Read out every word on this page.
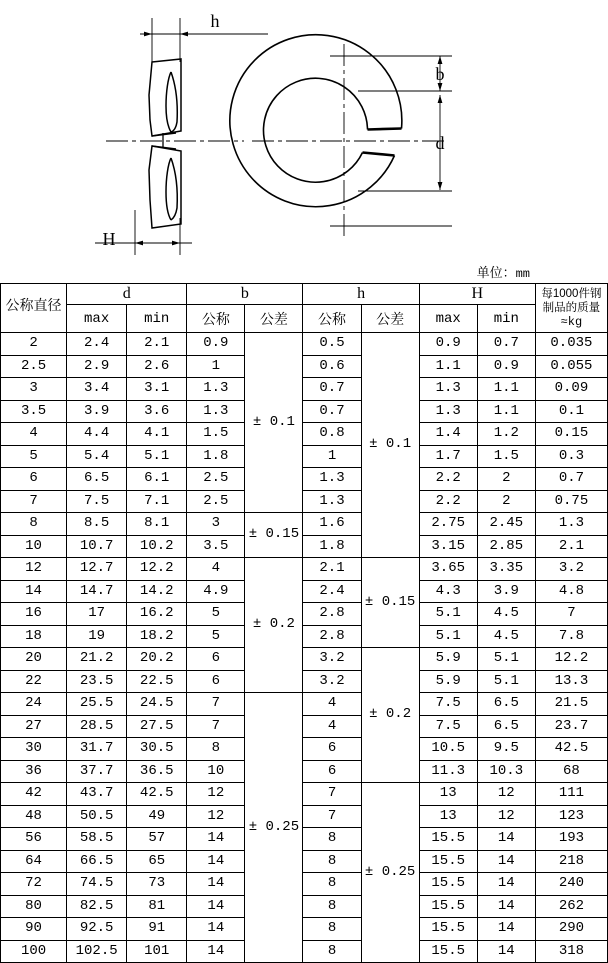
h
H
b
d
单位：mm
公称直径	d		b		h		H		每1000件钢
制品的质量
≈kg

	max	min	公称	公差	公称	公差	max	min	
2	2.4	2.1	0.9	± 0.1	0.5	± 0.1	0.9	0.7	0.035
2.5	2.9	2.6	1		0.6		1.1	0.9	0.055
3	3.4	3.1	1.3		0.7		1.3	1.1	0.09
3.5	3.9	3.6	1.3		0.7		1.3	1.1	0.1
4	4.4	4.1	1.5		0.8		1.4	1.2	0.15
5	5.4	5.1	1.8		1		1.7	1.5	0.3
6	6.5	6.1	2.5		1.3		2.2	2	0.7
7	7.5	7.1	2.5		1.3		2.2	2	0.75
8	8.5	8.1	3	± 0.15	1.6		2.75	2.45	1.3
10	10.7	10.2	3.5		1.8		3.15	2.85	2.1
12	12.7	12.2	4	± 0.2	2.1	± 0.15	3.65	3.35	3.2
14	14.7	14.2	4.9		2.4		4.3	3.9	4.8
16	17	16.2	5		2.8		5.1	4.5	7
18	19	18.2	5		2.8		5.1	4.5	7.8
20	21.2	20.2	6		3.2	± 0.2	5.9	5.1	12.2
22	23.5	22.5	6		3.2		5.9	5.1	13.3
24	25.5	24.5	7	± 0.25	4		7.5	6.5	21.5
27	28.5	27.5	7		4		7.5	6.5	23.7
30	31.7	30.5	8		6		10.5	9.5	42.5
36	37.7	36.5	10		6		11.3	10.3	68
42	43.7	42.5	12		7	± 0.25	13	12	111
48	50.5	49	12		7		13	12	123
56	58.5	57	14		8		15.5	14	193
64	66.5	65	14		8		15.5	14	218
72	74.5	73	14		8		15.5	14	240
80	82.5	81	14		8		15.5	14	262
90	92.5	91	14		8		15.5	14	290
100	102.5	101	14		8		15.5	14	318
